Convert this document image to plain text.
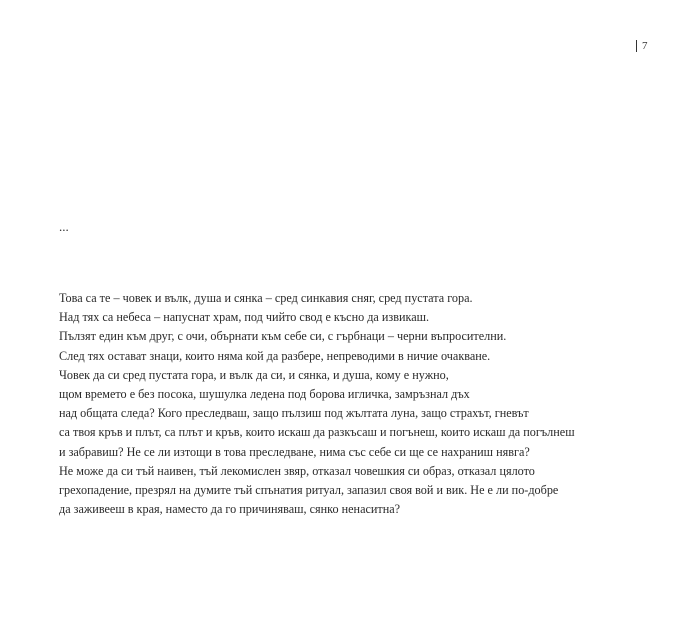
7
...
Това са те – човек и вълк, душа и сянка – сред синкавия сняг, сред пустата гора.
Над тях са небеса – напуснат храм, под чийто свод е късно да извикаш.
Пълзят един към друг, с очи, обърнати към себе си, с гърбнаци – черни въпросителни.
След тях остават знаци, които няма кой да разбере, непреводими в ничие очакване.
Човек да си сред пустата гора, и вълк да си, и сянка, и душа, кому е нужно,
щом времето е без посока, шушулка ледена под борова игличка, замръзнал дъх
над общата следа? Кого преследваш, защо пълзиш под жълтата луна, защо страхът, гневът
са твоя кръв и плът, са плът и кръв, които искаш да разкъсаш и погънеш, които искаш да погълнеш
и забравиш? Не се ли изтощи в това преследване, нима със себе си ще се нахраниш нявга?
Не може да си тъй наивен, тъй лекомислен звяр, отказал човешкия си образ, отказал цялото
грехопадение, презрял на думите тъй спънатия ритуал, запазил своя вой и вик. Не е ли по-добре
да заживееш в края, наместо да го причиняваш, сянко ненаситна?
